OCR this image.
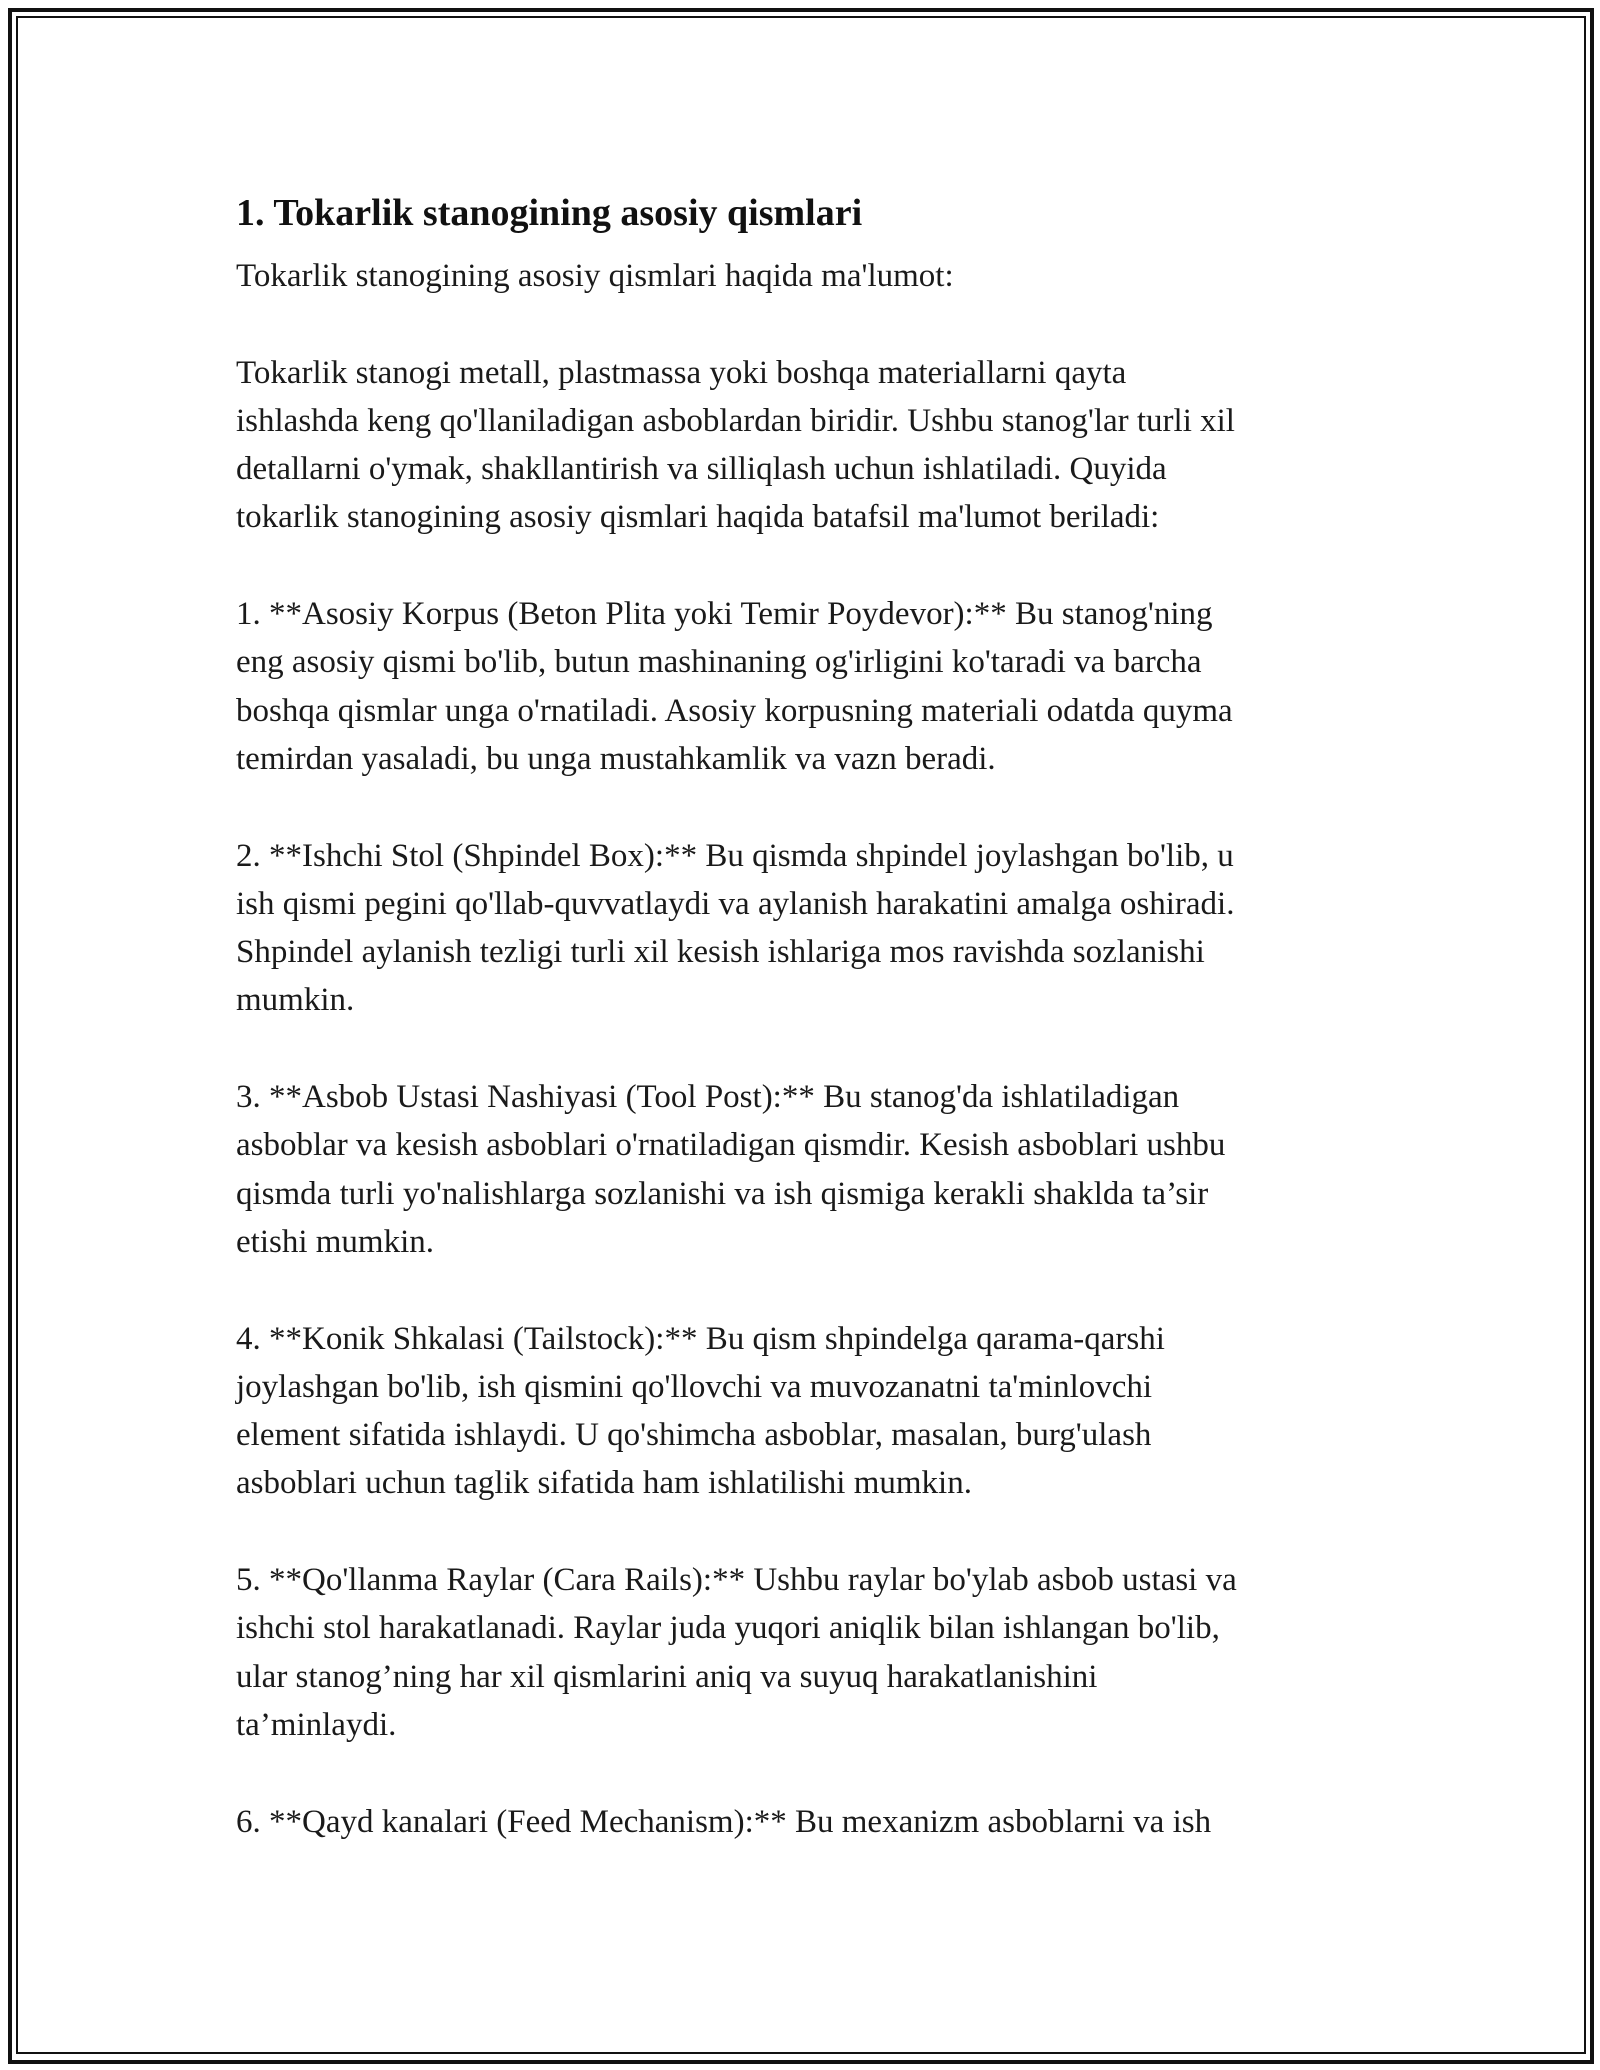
1. Tokarlik stanogining asosiy qismlari

Tokarlik stanogining asosiy qismlari haqida ma'lumot:

Tokarlik stanogi metall, plastmassa yoki boshqa materiallarni qayta
ishlashda keng qo'llaniladigan asboblardan biridir. Ushbu stanog'lar turli xil
detallarni o'ymak, shakllantirish va silliqlash uchun ishlatiladi. Quyida
tokarlik stanogining asosiy qismlari haqida batafsil ma'lumot beriladi:

1. **Asosiy Korpus (Beton Plita yoki Temir Poydevor):** Bu stanog'ning
eng asosiy qismi bo'lib, butun mashinaning og'irligini ko'taradi va barcha
boshqa qismlar unga o'rnatiladi. Asosiy korpusning materiali odatda quyma
temirdan yasaladi, bu unga mustahkamlik va vazn beradi.

2. **Ishchi Stol (Shpindel Box):** Bu qismda shpindel joylashgan bo'lib, u
ish qismi pegini qo'llab-quvvatlaydi va aylanish harakatini amalga oshiradi.
Shpindel aylanish tezligi turli xil kesish ishlariga mos ravishda sozlanishi
mumkin.

3. **Asbob Ustasi Nashiyasi (Tool Post):** Bu stanog'da ishlatiladigan
asboblar va kesish asboblari o'rnatiladigan qismdir. Kesish asboblari ushbu
qismda turli yo'nalishlarga sozlanishi va ish qismiga kerakli shaklda ta’sir
etishi mumkin.

4. **Konik Shkalasi (Tailstock):** Bu qism shpindelga qarama-qarshi
joylashgan bo'lib, ish qismini qo'llovchi va muvozanatni ta'minlovchi
element sifatida ishlaydi. U qo'shimcha asboblar, masalan, burg'ulash
asboblari uchun taglik sifatida ham ishlatilishi mumkin.

5. **Qo'llanma Raylar (Cara Rails):** Ushbu raylar bo'ylab asbob ustasi va
ishchi stol harakatlanadi. Raylar juda yuqori aniqlik bilan ishlangan bo'lib,
ular stanog’ning har xil qismlarini aniq va suyuq harakatlanishini
ta’minlaydi.

6. **Qayd kanalari (Feed Mechanism):** Bu mexanizm asboblarni va ish
